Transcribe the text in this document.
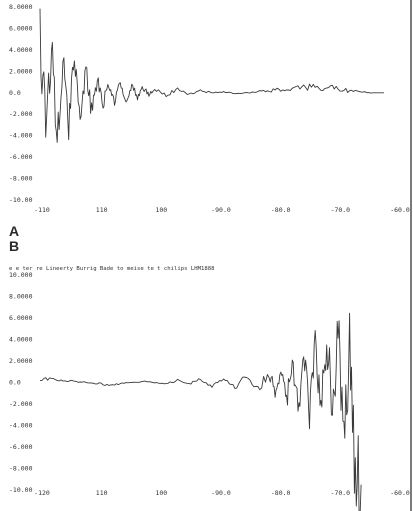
8.0000
6.0000
4.0000
2.0000
0.0
-2.000
-4.000
-6.000
-8.000
-10.00
-110	110	100	-90.0	-80.0	-70.0	-60.0
10.000
8.0000
6.0000
4.0000
2.0000
0.0
-2.000
-4.000
-6.000
-8.000
-10.00 -120	110	100	-90.0	-80.0	-70.0	-60.0
A
B
e e ter re Lineerty Burrig Bade to meise te t chilips LHM1888
